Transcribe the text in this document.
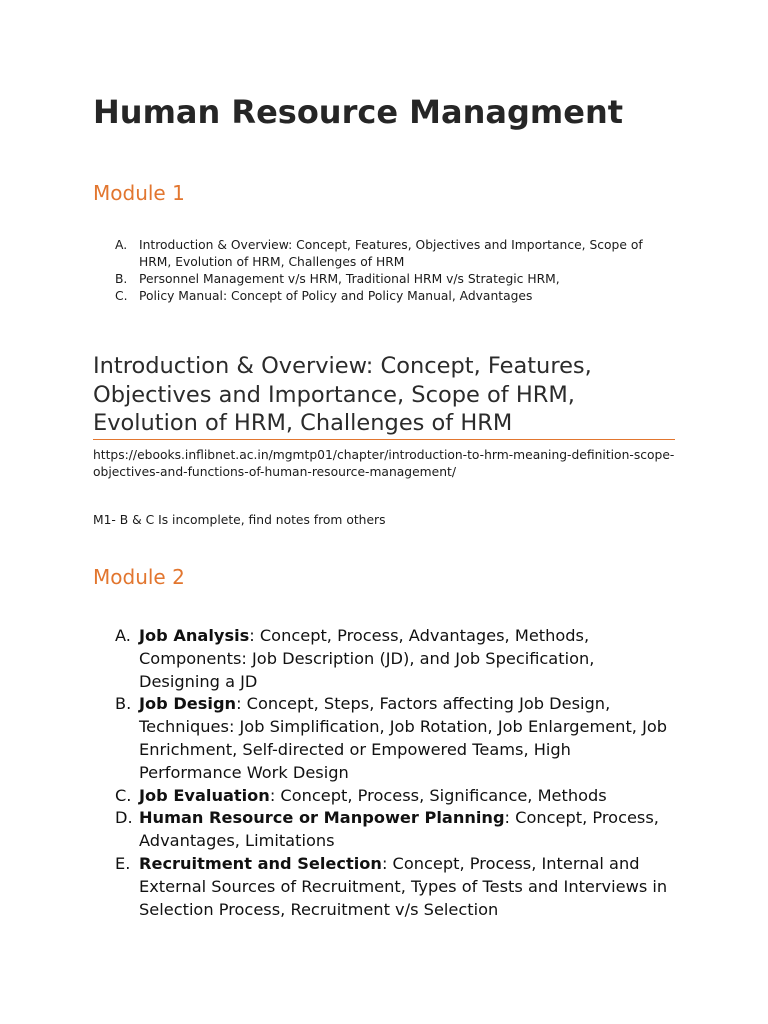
Human Resource Managment
Module 1
A. Introduction & Overview: Concept, Features, Objectives and Importance, Scope of HRM, Evolution of HRM, Challenges of HRM
B. Personnel Management v/s HRM, Traditional HRM v/s Strategic HRM,
C. Policy Manual: Concept of Policy and Policy Manual, Advantages
Introduction & Overview: Concept, Features, Objectives and Importance, Scope of HRM, Evolution of HRM, Challenges of HRM

https://ebooks.inflibnet.ac.in/mgmtp01/chapter/introduction-to-hrm-meaning-definition-scope-objectives-and-functions-of-human-resource-management/

M1- B & C Is incomplete, find notes from others

Module 2
A. Job Analysis: Concept, Process, Advantages, Methods, Components: Job Description (JD), and Job Specification, Designing a JD
B. Job Design: Concept, Steps, Factors affecting Job Design, Techniques: Job Simplification, Job Rotation, Job Enlargement, Job Enrichment, Self-directed or Empowered Teams, High Performance Work Design
C. Job Evaluation: Concept, Process, Significance, Methods
D. Human Resource or Manpower Planning: Concept, Process, Advantages, Limitations
E. Recruitment and Selection: Concept, Process, Internal and External Sources of Recruitment, Types of Tests and Interviews in Selection Process, Recruitment v/s Selection
